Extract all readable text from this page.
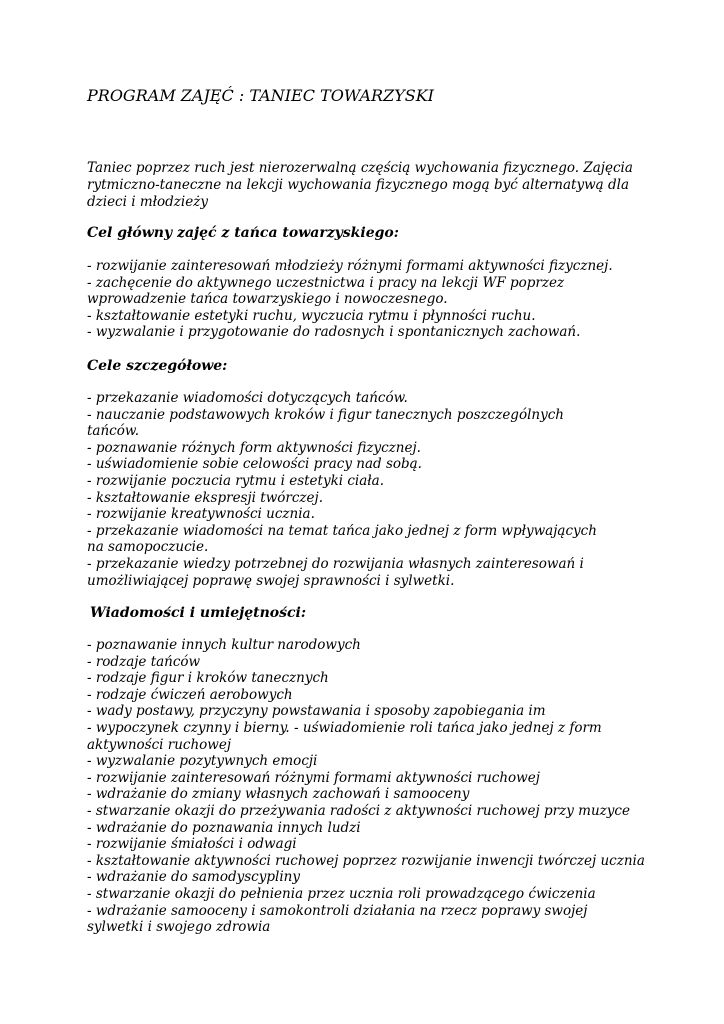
PROGRAM ZAJĘĆ : TANIEC TOWARZYSKI

Taniec poprzez ruch jest nierozerwalną częścią wychowania fizycznego. Zajęcia rytmiczno-taneczne na lekcji wychowania fizycznego mogą być alternatywą dla dzieci i młodzieży

Cel główny zajęć z tańca towarzyskiego:
- rozwijanie zainteresowań młodzieży różnymi formami aktywności fizycznej.
- zachęcenie do aktywnego uczestnictwa i pracy na lekcji WF poprzez wprowadzenie tańca towarzyskiego i nowoczesnego.
- kształtowanie estetyki ruchu, wyczucia rytmu i płynności ruchu.
- wyzwalanie i przygotowanie do radosnych i spontanicznych zachowań.
Cele szczegółowe:
- przekazanie wiadomości dotyczących tańców.
- nauczanie podstawowych kroków i figur tanecznych poszczególnych tańców.
- poznawanie różnych form aktywności fizycznej.
- uświadomienie sobie celowości pracy nad sobą.
- rozwijanie poczucia rytmu i estetyki ciała.
- kształtowanie ekspresji twórczej.
- rozwijanie kreatywności ucznia.
- przekazanie wiadomości na temat tańca jako jednej z form wpływających na samopoczucie.
- przekazanie wiedzy potrzebnej do rozwijania własnych zainteresowań i umożliwiającej poprawę swojej sprawności i sylwetki.
Wiadomości i umiejętności:
- poznawanie innych kultur narodowych
- rodzaje tańców
- rodzaje figur i kroków tanecznych
- rodzaje ćwiczeń aerobowych
- wady postawy, przyczyny powstawania i sposoby zapobiegania im
- wypoczynek czynny i bierny. - uświadomienie roli tańca jako jednej z form aktywności ruchowej
- wyzwalanie pozytywnych emocji
- rozwijanie zainteresowań różnymi formami aktywności ruchowej
- wdrażanie do zmiany własnych zachowań i samooceny
- stwarzanie okazji do przeżywania radości z aktywności ruchowej przy muzyce
- wdrażanie do poznawania innych ludzi
- rozwijanie śmiałości i odwagi
- kształtowanie aktywności ruchowej poprzez rozwijanie inwencji twórczej ucznia
- wdrażanie do samodyscypliny
- stwarzanie okazji do pełnienia przez ucznia roli prowadzącego ćwiczenia
- wdrażanie samooceny i samokontroli działania na rzecz poprawy swojej sylwetki i swojego zdrowia
